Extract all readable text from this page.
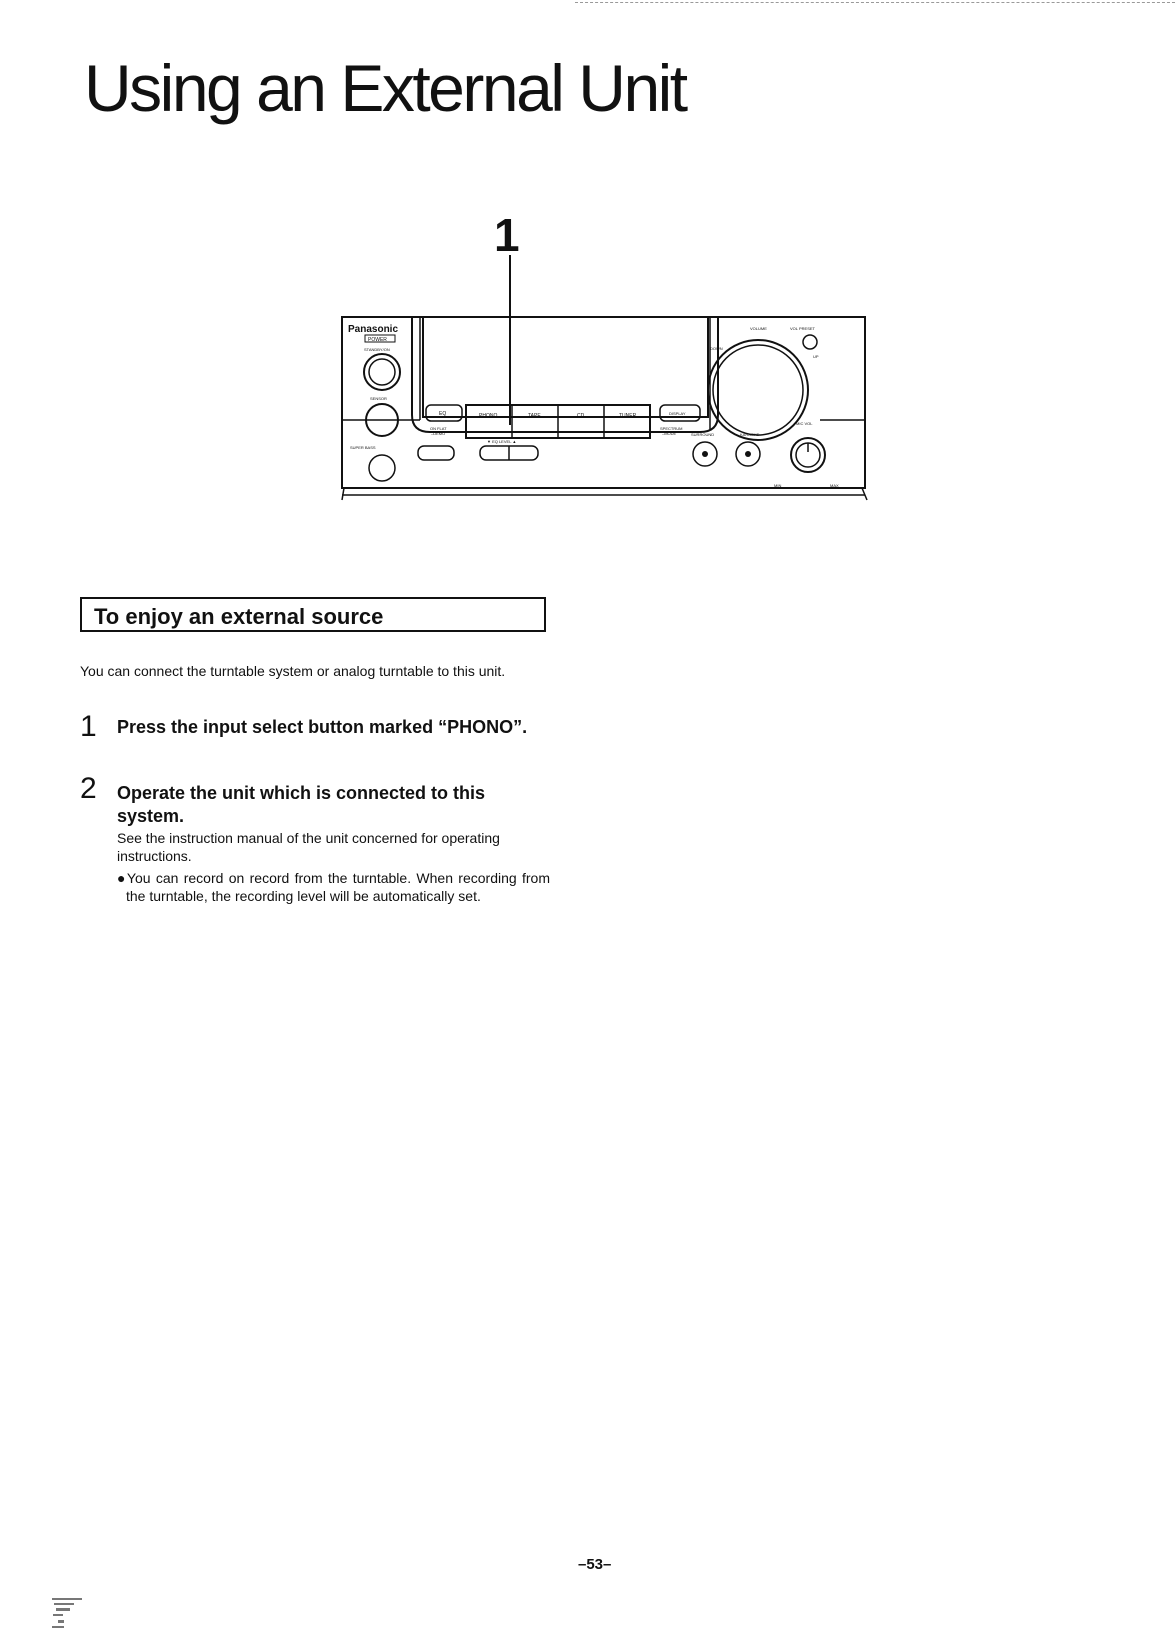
Using an External Unit
1
Panasonic
POWER
STANDBY/ON
SENSOR
SUPER BASS
EQ
ON FLAT
–DEMO
PHONO	TAPE	CD	TUNER	DISPLAY
SPECTRUM
–MODE
▼ EQ LEVEL ▲
VOLUME	VOL PRESET
DOWN
UP
SURROUND	KARAOKE
MIC VOL
MIN	MAX
To enjoy an external source

You can connect the turntable system or analog turntable to this unit.

1 Press the input select button marked “PHONO”.
2 Operate the unit which is connected to this system.

See the instruction manual of the unit concerned for operating instructions.

●You can record on record from the turntable. When recording from the turntable, the recording level will be automatically set.

–53–
